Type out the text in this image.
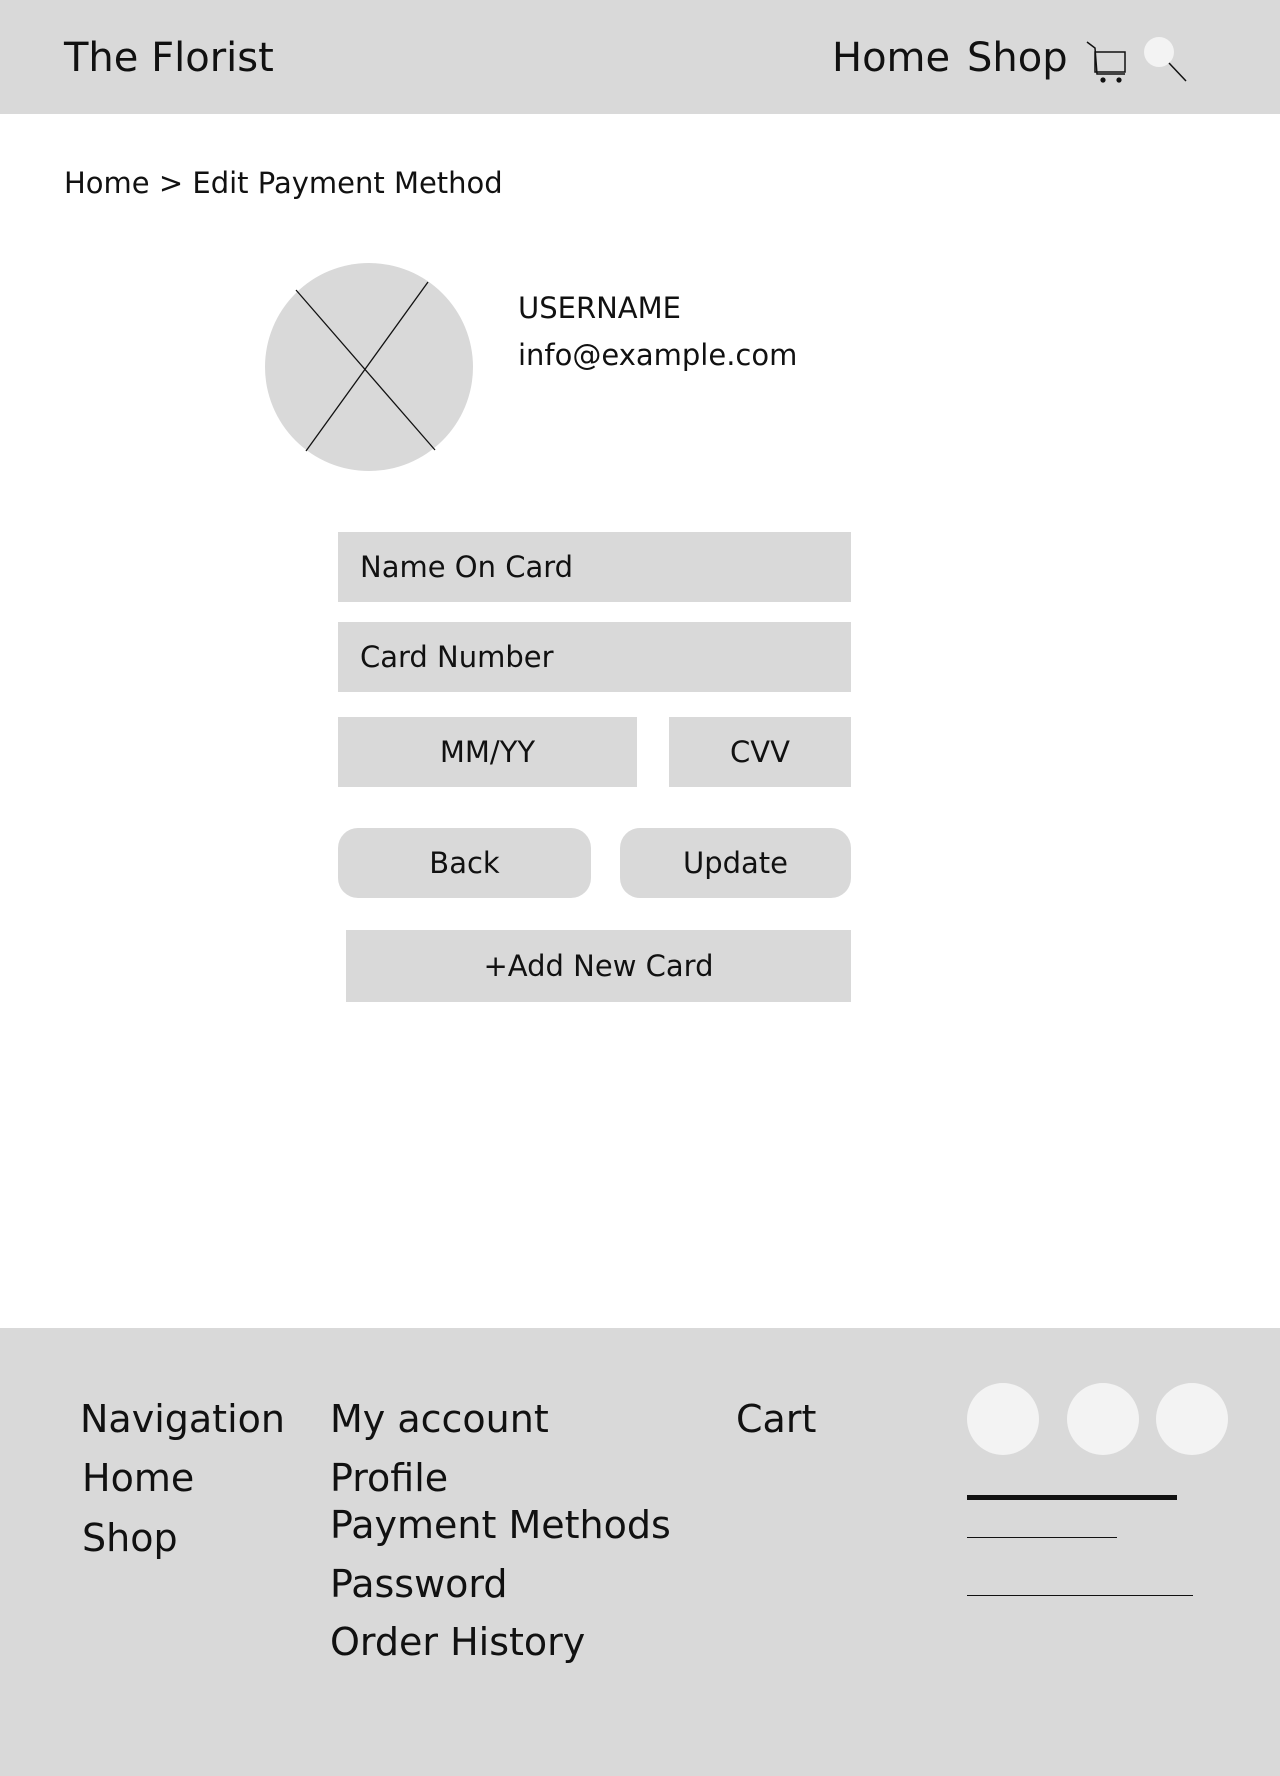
The Florist	Home Shop
Home > Edit Payment Method
USERNAME
info@example.com
Name On Card
Card Number
MM/YY
CVV
Back	Update
+Add New Card
Navigation
Home
Shop
My account
Profile
Payment Methods
Password
Order History
Cart
